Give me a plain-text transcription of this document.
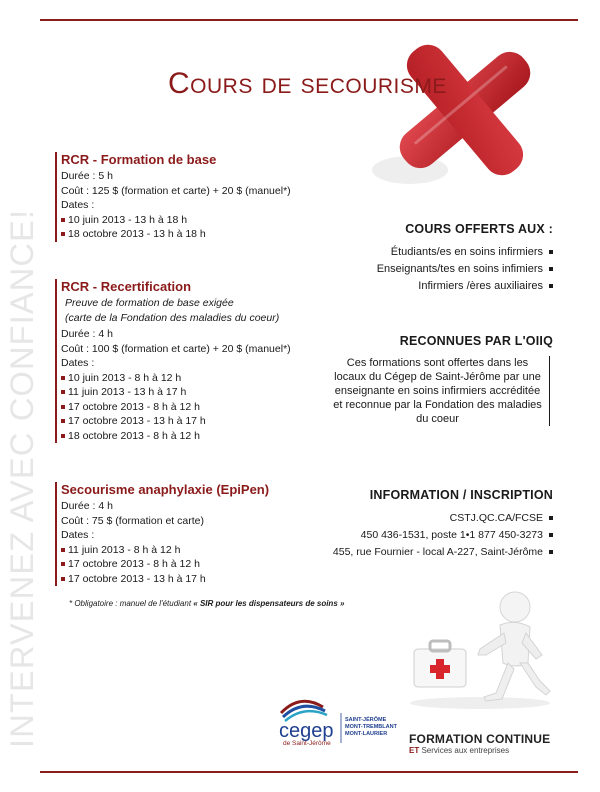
INTERVENEZ AVEC CONFIANCE!
Cours de secourisme
RCR - Formation de base
Durée : 5 h
Coût : 125 $ (formation et carte) + 20 $ (manuel*)
Dates :
10 juin 2013 - 13 h à 18 h
18 octobre 2013 - 13 h à 18 h
RCR - Recertification
Preuve de formation de base exigée
(carte de la Fondation des maladies du coeur)
Durée : 4 h
Coût : 100 $ (formation et carte) + 20 $ (manuel*)
Dates :
10 juin 2013 - 8 h à 12 h
11 juin 2013 - 13 h à 17 h
17 octobre 2013 - 8 h à 12 h
17 octobre 2013 - 13 h à 17 h
18 octobre 2013 - 8 h à 12 h
Secourisme anaphylaxie (EpiPen)
Durée : 4 h
Coût : 75 $ (formation et carte)
Dates :
11 juin 2013 - 8 h à 12 h
17 octobre 2013 - 8 h à 12 h
17 octobre 2013 - 13 h à 17 h
COURS OFFERTS AUX :
Étudiants/es en soins infirmiers
Enseignants/tes en soins infimiers
Infirmiers /ères auxiliaires
RECONNUES PAR L'OIIQ
Ces formations sont offertes dans les locaux du Cégep de Saint-Jérôme par une enseignante en soins infirmiers accréditée et reconnue par la Fondation des maladies du coeur
INFORMATION / INSCRIPTION
CSTJ.QC.CA/FCSE
450 436-1531, poste 1•1 877 450-3273
455, rue Fournier - local A-227, Saint-Jérôme
* Obligatoire : manuel de l'étudiant « SIR pour les dispensateurs de soins »
cegep
de Saint-Jérôme
SAINT-JÉRÔME
MONT-TREMBLANT
MONT-LAURIER FORMATION CONTINUE
ET Services aux entreprises
